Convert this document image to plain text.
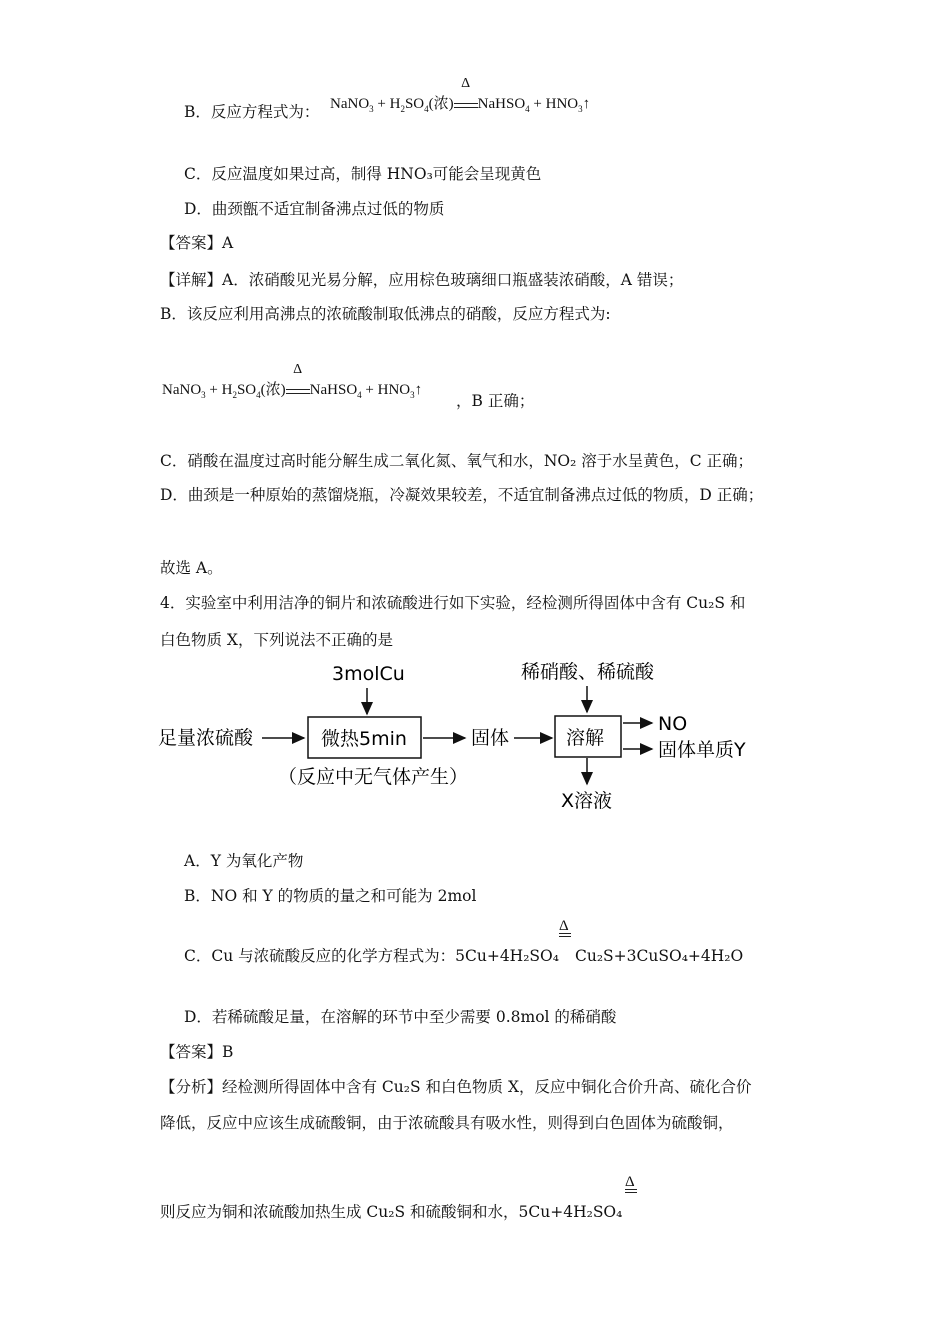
B．反应方程式为： NaNO$_3$ + $H_2SO_4$(浓)
Δ
NaHSO$_4$ + $HNO_3↑$
C．反应温度如果过高，制得 HNO₃可能会呈现黄色
D．曲颈甑不适宜制备沸点过低的物质
【答案】A
【详解】A．浓硝酸见光易分解，应用棕色玻璃细口瓶盛装浓硝酸，A 错误；
B．该反应利用高沸点的浓硫酸制取低沸点的硝酸，反应方程式为:
NaNO$_3$ + $H_2SO_4$(浓)
Δ
NaHSO$_4$ + $HNO_3↑$
，B 正确；
C．硝酸在温度过高时能分解生成二氧化氮、氧气和水，NO₂ 溶于水呈黄色，C 正确；
D．曲颈是一种原始的蒸馏烧瓶，冷凝效果较差，不适宜制备沸点过低的物质，D 正确；
故选 A。
4．实验室中利用洁净的铜片和浓硫酸进行如下实验，经检测所得固体中含有 Cu₂S 和
白色物质 X，下列说法不正确的是
3molCu
足量浓硫酸	微热5min
（反应中无气体产生）
固体
稀硝酸、稀硫酸
溶解
NO
固体单质Y
X溶液
A．Y 为氧化产物
B．NO 和 Y 的物质的量之和可能为 2mol
C．Cu 与浓硫酸反应的化学方程式为：5Cu+4H₂SO₄
Δ
Cu₂S+3CuSO₄+4H₂O
D．若稀硫酸足量，在溶解的环节中至少需要 0.8mol 的稀硝酸
【答案】B
【分析】经检测所得固体中含有 Cu₂S 和白色物质 X，反应中铜化合价升高、硫化合价
降低，反应中应该生成硫酸铜，由于浓硫酸具有吸水性，则得到白色固体为硫酸铜，
Δ
则反应为铜和浓硫酸加热生成 Cu₂S 和硫酸铜和水，5Cu+4H₂SO₄
